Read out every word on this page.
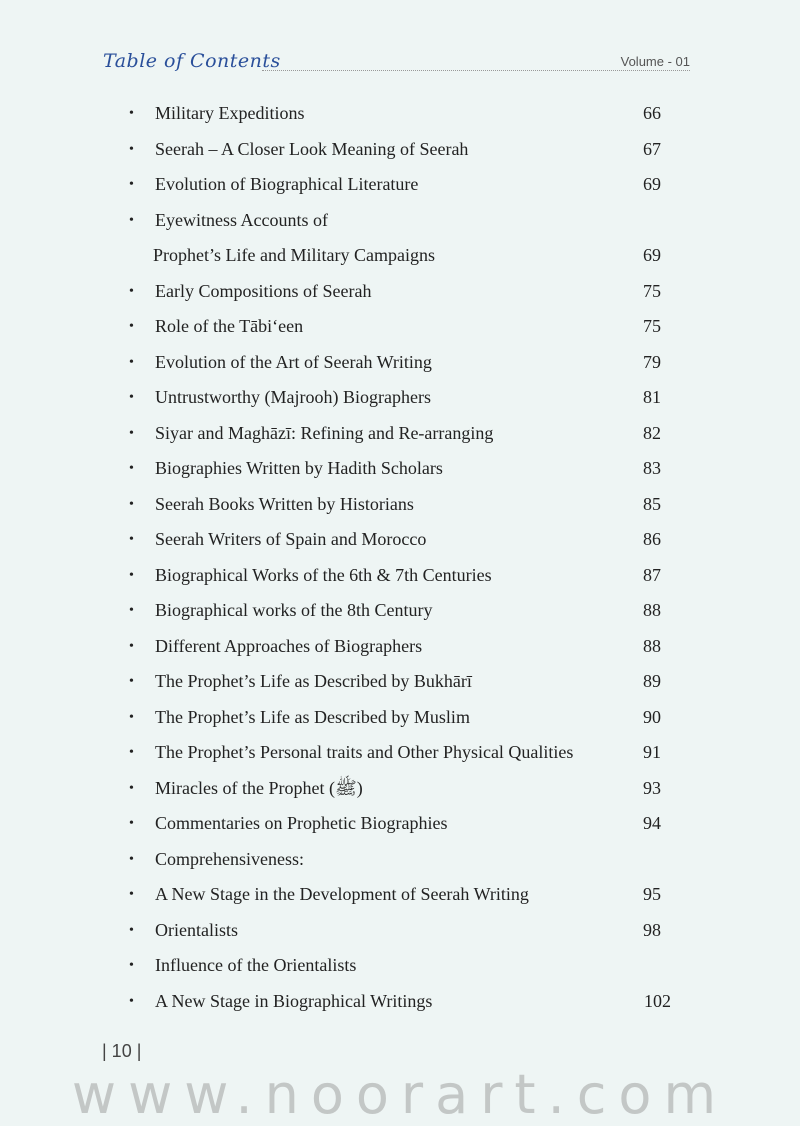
Table of Contents	Volume - 01
• Military Expeditions	66
• Seerah – A Closer Look Meaning of Seerah	67
• Evolution of Biographical Literature	69
• Eyewitness Accounts of
Prophet’s Life and Military Campaigns	69
• Early Compositions of Seerah	75
• Role of the Tābi‘een	75
• Evolution of the Art of Seerah Writing	79
• Untrustworthy (Majrooh) Biographers	81
• Siyar and Maghāzī: Refining and Re-arranging	82
• Biographies Written by Hadith Scholars	83
• Seerah Books Written by Historians	85
• Seerah Writers of Spain and Morocco	86
• Biographical Works of the 6th & 7th Centuries	87
• Biographical works of the 8th Century	88
• Different Approaches of Biographers	88
• The Prophet’s Life as Described by Bukhārī	89
• The Prophet’s Life as Described by Muslim	90
• The Prophet’s Personal traits and Other Physical Qualities	91
• Miracles of the Prophet (ﷺ)	93
• Commentaries on Prophetic Biographies	94
• Comprehensiveness:
• A New Stage in the Development of Seerah Writing	95
• Orientalists	98
• Influence of the Orientalists
• A New Stage in Biographical Writings	102
| 10 |
www.noorart.com
